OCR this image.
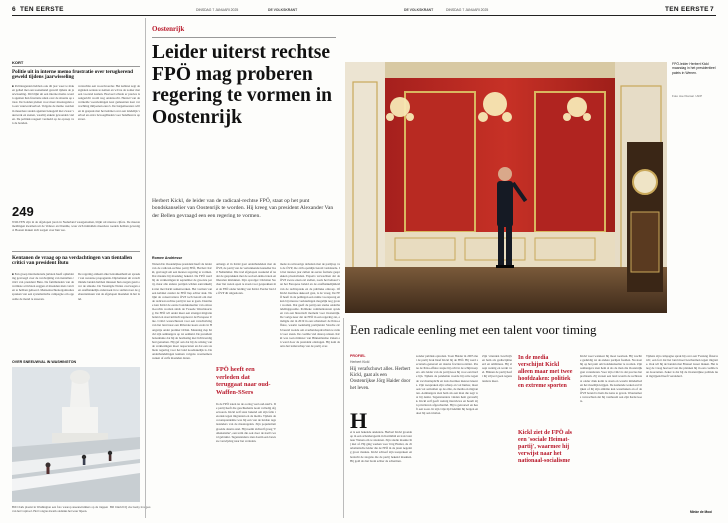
6 TEN EERSTE	DINSDAG 7 JANUARI 2025	DE VOLKSKRANT	DE VOLKSKRANT	DINSDAG 7 JANUARI 2025	TEN EERSTE 7
KORT
Politie uit in interne memo frustratie over terugkerend geweld tijdens jaarwisseling
■ Politieagenten hebben ook dit jaar weer te maken gehad met een toenemend geweld tijdens de jaarwisseling. Dit blijkt uit een interne memo waarin agenten hun frustratie uiten over de situatie op straat. De bonden pleiten voor meer maatregelen en een vuurwerkverbod. Volgens de memo werden in meerdere steden agenten bekogeld met zwaar vuurwerk en stenen, waarbij enkele gewonden vielen. De politiek reageert verdeeld op de oproep van de bonden.
verzuchtte een woordvoerder. Het kabinet zegt de signalen serieus te nemen en wil na de zomer met een voorstel komen. Hoeveel schade er precies is aangericht wordt nog onderzocht. Herstel van de vernielde voorzieningen kost gemeenten naar verwachting miljoenen euro's. De burgemeesters willen in gesprek met het kabinet over een landelijk verbod en extra bevoegdheden voor handhavers op straat.
249
WOLVEN zijn in de afgelopen jaren in Nederland waargenomen, blijkt uit nieuwe cijfers. De meeste meldingen kwamen uit de Veluwe en Drenthe, waar zich inmiddels meerdere roedels hebben gevestigd. Boeren maken zich zorgen over hun vee.
Kentanen de vraag op na verdachtingen van tientallen critici van president Butu
■ Een groep internationale juristen heeft opheldering gevraagd over de verdwijning van tientallen critici van president Butu. De familieleden van de vermiste activisten zeggen al maanden niets van hen te hebben gehoord. Mensenrechtenorganisaties spreken van een systematische campagne om oppositie de mond te snoeren.
De regering ontkent elke betrokkenheid en spreekt van westerse propaganda. Diplomaten uit verschillende landen hebben intussen hun zorgen geuit over de situatie. De Verenigde Naties overwegen een onafhankelijk onderzoek in te stellen naar de gebeurtenissen van de afgelopen maanden in het land.
OVER SNEEUWVAL IN WASHINGTON
Bill Clark/CQ via Getty Images
Bill Clark plaatst in Washington een foto waarop sneeuwruimers op de trappen van het Capitool. Het Congres kwam ondanks het weer bijeen.
Oostenrijk
Leider uiterst rechtse FPÖ mag proberen regering te vormen in Oostenrijk
Herbert Kickl, de leider van de radicaal-rechtse FPÖ, staat op het punt bondskanselier van Oostenrijk te worden. Hij kreeg van president Alexander Van der Bellen gevraagd een een regering te vormen.
Romee Andriesse
Wenen De Oostenrijkse president heeft de leider van de radicaal-rechtse partij FPÖ, Herbert Kickl, gevraagd om een nieuwe regering te vormen. Dat maakte hij maandag bekend. De FPÖ werd bij de verkiezingen in september de grootste partij, maar alle andere partijen wilden aanvankelijk niet met Kickl samenwerken. Het vormen van een kabinet zonder de FPÖ liep echter stuk. Nu lijkt de conservatieve ÖVP toch bereid om met de radicaal-rechtse partij in zee te gaan. Daarmee kan Kickl de eerste bondskanselier van extreem-rechts worden sinds de Tweede Wereldoorlog. De FPÖ wil onder meer een strenger migratiebeleid en staat kritisch tegenover de Europese Unie. Critici waarschuwen voor een verschuiving van het land naar een illiberale koers zoals in Hongarije onder premier Orbán. Maandag riep Kickl zijn aanhangers op tot eenheid. De president benadrukte dat hij de beslissing niet lichtvaardig had genomen. Hij gaf aan dat hij de uitslag van de verkiezingen moet respecteren en dat een stabiele regering voor het land noodzakelijk is. De onderhandelingen kunnen volgens waarnemers weken of zelfs maanden duren.
onlangs al in Kickl gaat onderhandelen met de ÖVP, de partij van de vertrekkende kanselier Karl Nehammer. Die trad afgelopen weekend af nadat de gesprekken met de sociaal-democraten en liberalen mislukten. Zijn opvolger Christian Stocker liet weten open te staan voor gesprekken met de FPÖ onder leiding van Kickl. Eerder had de ÖVP dit uitgesloten.
FPÖ heeft een verleden dat teruggaat naar oud-Waffen-SSers
In de FPÖ zaten na de oorlog veel oud-nazi's. De partij heeft die geschiedenis nooit volledig afgezworen. Kickl zelf staat bekend om zijn felle retoriek tegen migranten en de media. Tijdens de coronapandemie was hij een van de luidste tegenstanders van de maatregelen. Zijn populariteit groeide daarna snel. Hij noemt zichzelf graag 'Volkskanzler', een term die ook door de nazi's werd gebruikt. Tegenstanders zien daarin een bewuste verwijzing naar het verleden.
mede na uitvoerige debatten met de partijtop van de ÖVP, die zich openlijk bereid verklaarde. In het nieuwe jaar zullen de eerste formele gesprekken plaatsvinden. Experts verwachten dat de ÖVP zware eisen zal stellen, zoals het behoud van het Europese beleid en de onafhankelijkheid van de rechtspraak en de publieke omroep. Of Kickl daarmee akkoord gaat, is de vraag. De FPÖ heeft in de peilingen een ruime voorsprong en kan bij nieuwe verkiezingen mogelijk nog groter worden. Dat geeft de partij een sterke onderhandelingspositie. Politieke commentatoren spreken van een historisch moment voor Oostenrijk. De vorige keer dat de FPÖ in een regering zat, eindigde dat in 2019 in een schandaal: de Ibiza-affaire, waarin toenmalig partijleider Strache zich bereid toonde om overheidsopdrachten te ruilen voor steun. De coalitie viel daarop uiteen. Kickl was toen minister van Binnenlandse Zaken en werd door de president ontslagen. Hij nam daarna het leiderschap van de partij over.
FPÖ-leider Herbert Kickl maandag in het presidentieel paleis in Wenen.
Foto Joe Klamar / AFP
Een radicale eenling met een talent voor timing
PROFIEL
Herbert Kickl
Hij verafschuwt alles. Herbert Kickl, gaat als een Oostenrijkse Jörg Haider door het leven.
H
et is een bekende anekdote. Herbert Kickl groeide op in een arbeidersgezin in Karinthië en trok later naar Wenen om te studeren. Zijn studie maakte hij niet af. Hij ging werken voor Jörg Haider, de charismatische leider die de FPÖ in de jaren negentig groot maakte. Kickl schreef zijn toespraken en bedacht de slogans die de partij bekend maakten. Hij gold als het brein achter de schermen.
zonder publiek optreden. Toen Haider in 2005 met de partij brak bleef Kickl bij de FPÖ. Hij werd secretaris-generaal en daarna fractievoorzitter. Pas na de Ibiza-affaire stapte hij echt in de schijnwerpers. Als leider van de partij koos hij voor een harde lijn. Tijdens de pandemie voerde hij actie tegen de vaccinatieplicht en trok daarmee nieuwe kiezers. Zijn toespraken zijn scherp en vol humor, maar ook vol aanvallen op de elite, de media en migranten. Aanhangers zien hem als een man die zegt wat hij denkt. Tegenstanders vinden hem gevaarlijk. Kickl zelf geeft weinig interviews en houdt zijn privéleven afgeschermd. Hij is getrouwd en heeft een zoon. In zijn vrije tijd beklimt hij bergen en doet hij aan triatlon.
Zijn vrienden beschrijven hem als gedisciplineerd en ambitieus. Hij slaapt weinig en werkt veel. Binnen de partij heeft hij vrijwel geen tegenstanders meer.
In de media verschijnt Kickl alleen maar met twee hoofdzaken: politiek en extreme sporten
Kickl ziet de FPÖ als een 'sociale Heimat-partij', waarmee hij verwijst naar het nationaal-socialisme
Kickl weet wanneer hij moet toeslaan. Hij wachtte geduldig tot de andere partijen faalden. Nu staat hij op het punt om bondskanselier te worden. Zijn aanhangers zien hem al als de man die Oostenrijk gaat veranderen. Voor zijn critici is dat precies het probleem. Zij vrezen een land waarin de rechtsstaat onder druk komt te staan en waarin minderheden het moeilijk krijgen. De komende weken zal blijken of hij zijn ambitie kan waarmaken en of de ÖVP bereid is hem die kans te geven. Waarnemers verwachten dat hij vasthoudt aan zijn harde koers.
Tijdens zijn campagne sprak hij over een 'Festung Österreich', een fort dat het land moet beschermen tegen migratie. Ook wil hij de banden met Brussel losser maken. Het is nog de vraag hoeveel van die plannen hij in een coalitie kan doorzetten. Zeker is dat hij de Oostenrijkse politiek nu al ingrijpend heeft veranderd.
Minke de Mooi
